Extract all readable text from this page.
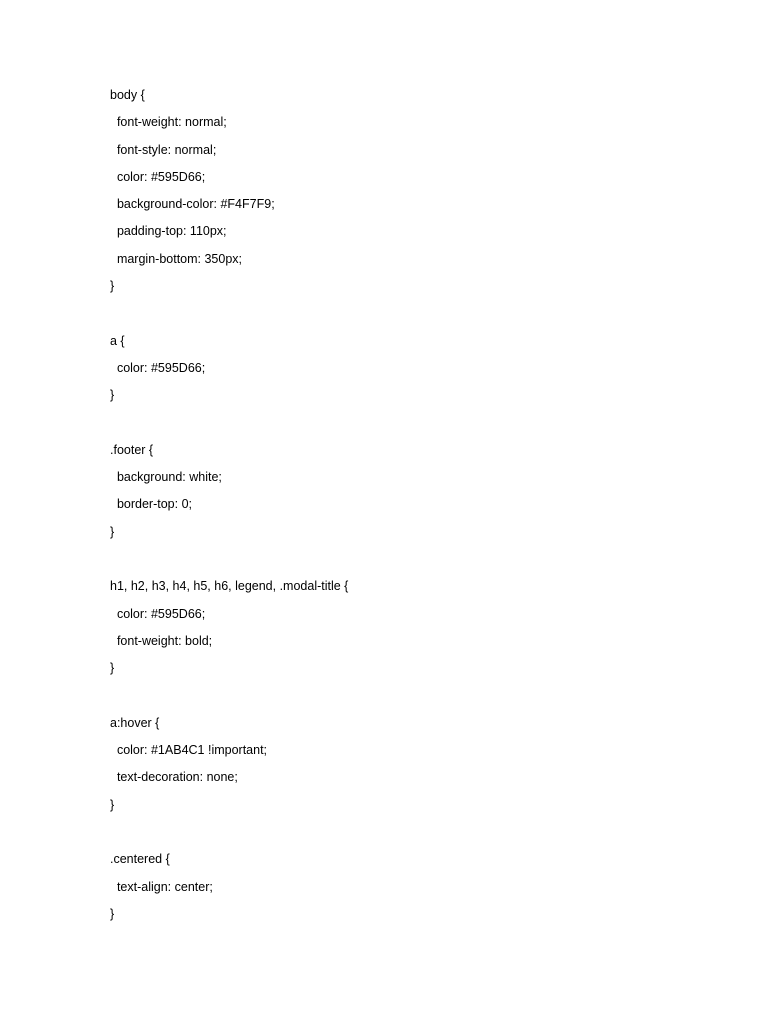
body {
font-weight: normal;
font-style: normal;
color: #595D66;
background-color: #F4F7F9;
padding-top: 110px;
margin-bottom: 350px;
}
a {
color: #595D66;
}
.footer {
background: white;
border-top: 0;
}
h1, h2, h3, h4, h5, h6, legend, .modal-title {
color: #595D66;
font-weight: bold;
}
a:hover {
color: #1AB4C1 !important;
text-decoration: none;
}
.centered {
text-align: center;
}
